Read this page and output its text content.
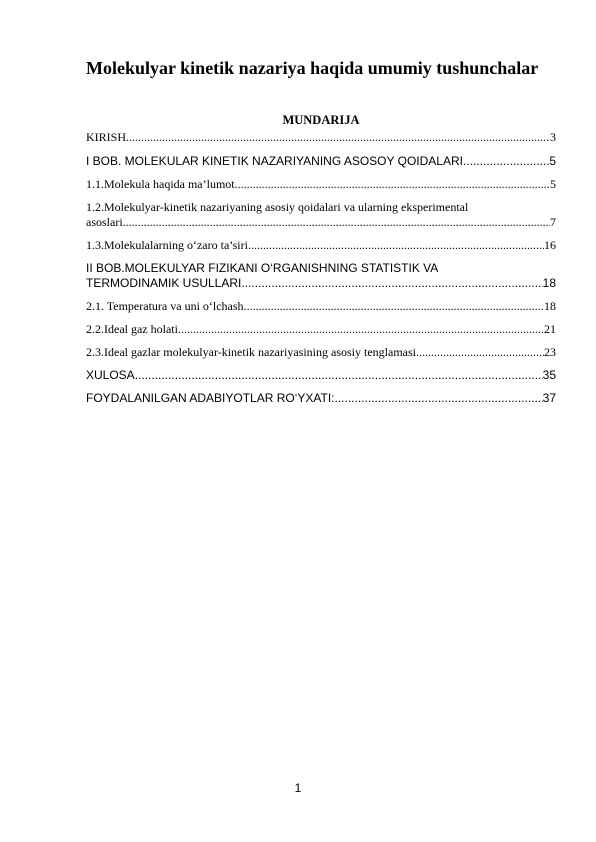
Molekulyar kinetik nazariya haqida umumiy tushunchalar
MUNDARIJA
KIRISH .....	3
I BOB. MOLEKULAR KINETIK NAZARIYANING ASOSOY QOIDALARI .....	5
1.1.Molekula haqida ma’lumot .....	5
1.2.Molekulyar-kinetik nazariyaning asosiy qoidalari va ularning eksperimental
asoslari .....	7
1.3.Molekulalarning o‘zaro ta’siri .....	16
II BOB.MOLEKULYAR FIZIKANI O‘RGANISHNING STATISTIK VA
TERMODINAMIK USULLARI .....	18
2.1. Temperatura va uni o‘lchash .....	18
2.2.Ideal gaz holati .....	21
2.3.Ideal gazlar molekulyar-kinetik nazariyasining asosiy tenglamasi .....	23
XULOSA .....	35
FOYDALANILGAN ADABIYOTLAR RO‘YXATI: .....	37
1
